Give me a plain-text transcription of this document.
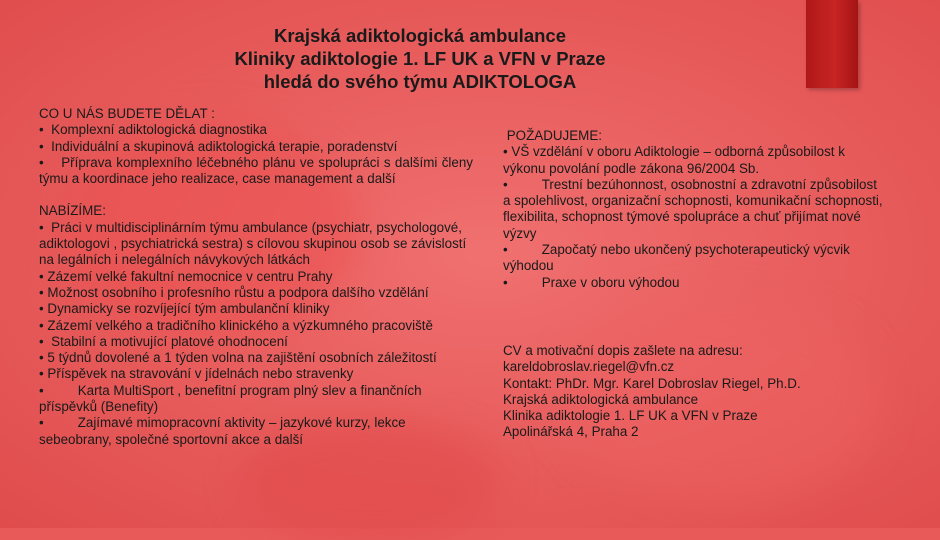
Krajská adiktologická ambulance
Kliniky adiktologie 1. LF UK a VFN v Praze
hledá do svého týmu ADIKTOLOGA
CO U NÁS BUDETE DĚLAT :
•  Komplexní adiktologická diagnostika
•  Individuální a skupinová adiktologická terapie, poradenství
•    Příprava komplexního léčebného plánu ve spolupráci s dalšími členy týmu a koordinace jeho realizace, case management a další
NABÍZÍME:
•  Práci v multidisciplinárním týmu ambulance (psychiatr, psychologové, adiktologovi , psychiatrická sestra) s cílovou skupinou osob se závislostí na legálních i nelegálních návykových látkách
• Zázemí velké fakultní nemocnice v centru Prahy
• Možnost osobního i profesního růstu a podpora dalšího vzdělání
• Dynamicky se rozvíjející tým ambulanční kliniky
• Zázemí velkého a tradičního klinického a výzkumného pracoviště
•  Stabilní a motivující platové ohodnocení
• 5 týdnů dovolené a 1 týden volna na zajištění osobních záležitostí
• Příspěvek na stravování v jídelnách nebo stravenky
•	Karta MultiSport , benefitní program plný slev a finančních příspěvků (Benefity)
•	Zajímavé mimopracovní aktivity – jazykové kurzy, lekce sebeobrany, společné sportovní akce a další
POŽADUJEME:
• VŠ vzdělání v oboru Adiktologie – odborná způsobilost k výkonu povolání podle zákona 96/2004 Sb.
•	Trestní bezúhonnost, osobnostní a zdravotní způsobilost a spolehlivost, organizační schopnosti, komunikační schopnosti, flexibilita, schopnost týmové spolupráce a chuť přijímat nové výzvy
•	Započatý nebo ukončený psychoterapeutický výcvik výhodou
•	Praxe v oboru výhodou
CV a motivační dopis zašlete na adresu:
kareldobroslav.riegel@vfn.cz
Kontakt: PhDr. Mgr. Karel Dobroslav Riegel, Ph.D.
Krajská adiktologická ambulance
Klinika adiktologie 1. LF UK a VFN v Praze
Apolinářská 4, Praha 2
